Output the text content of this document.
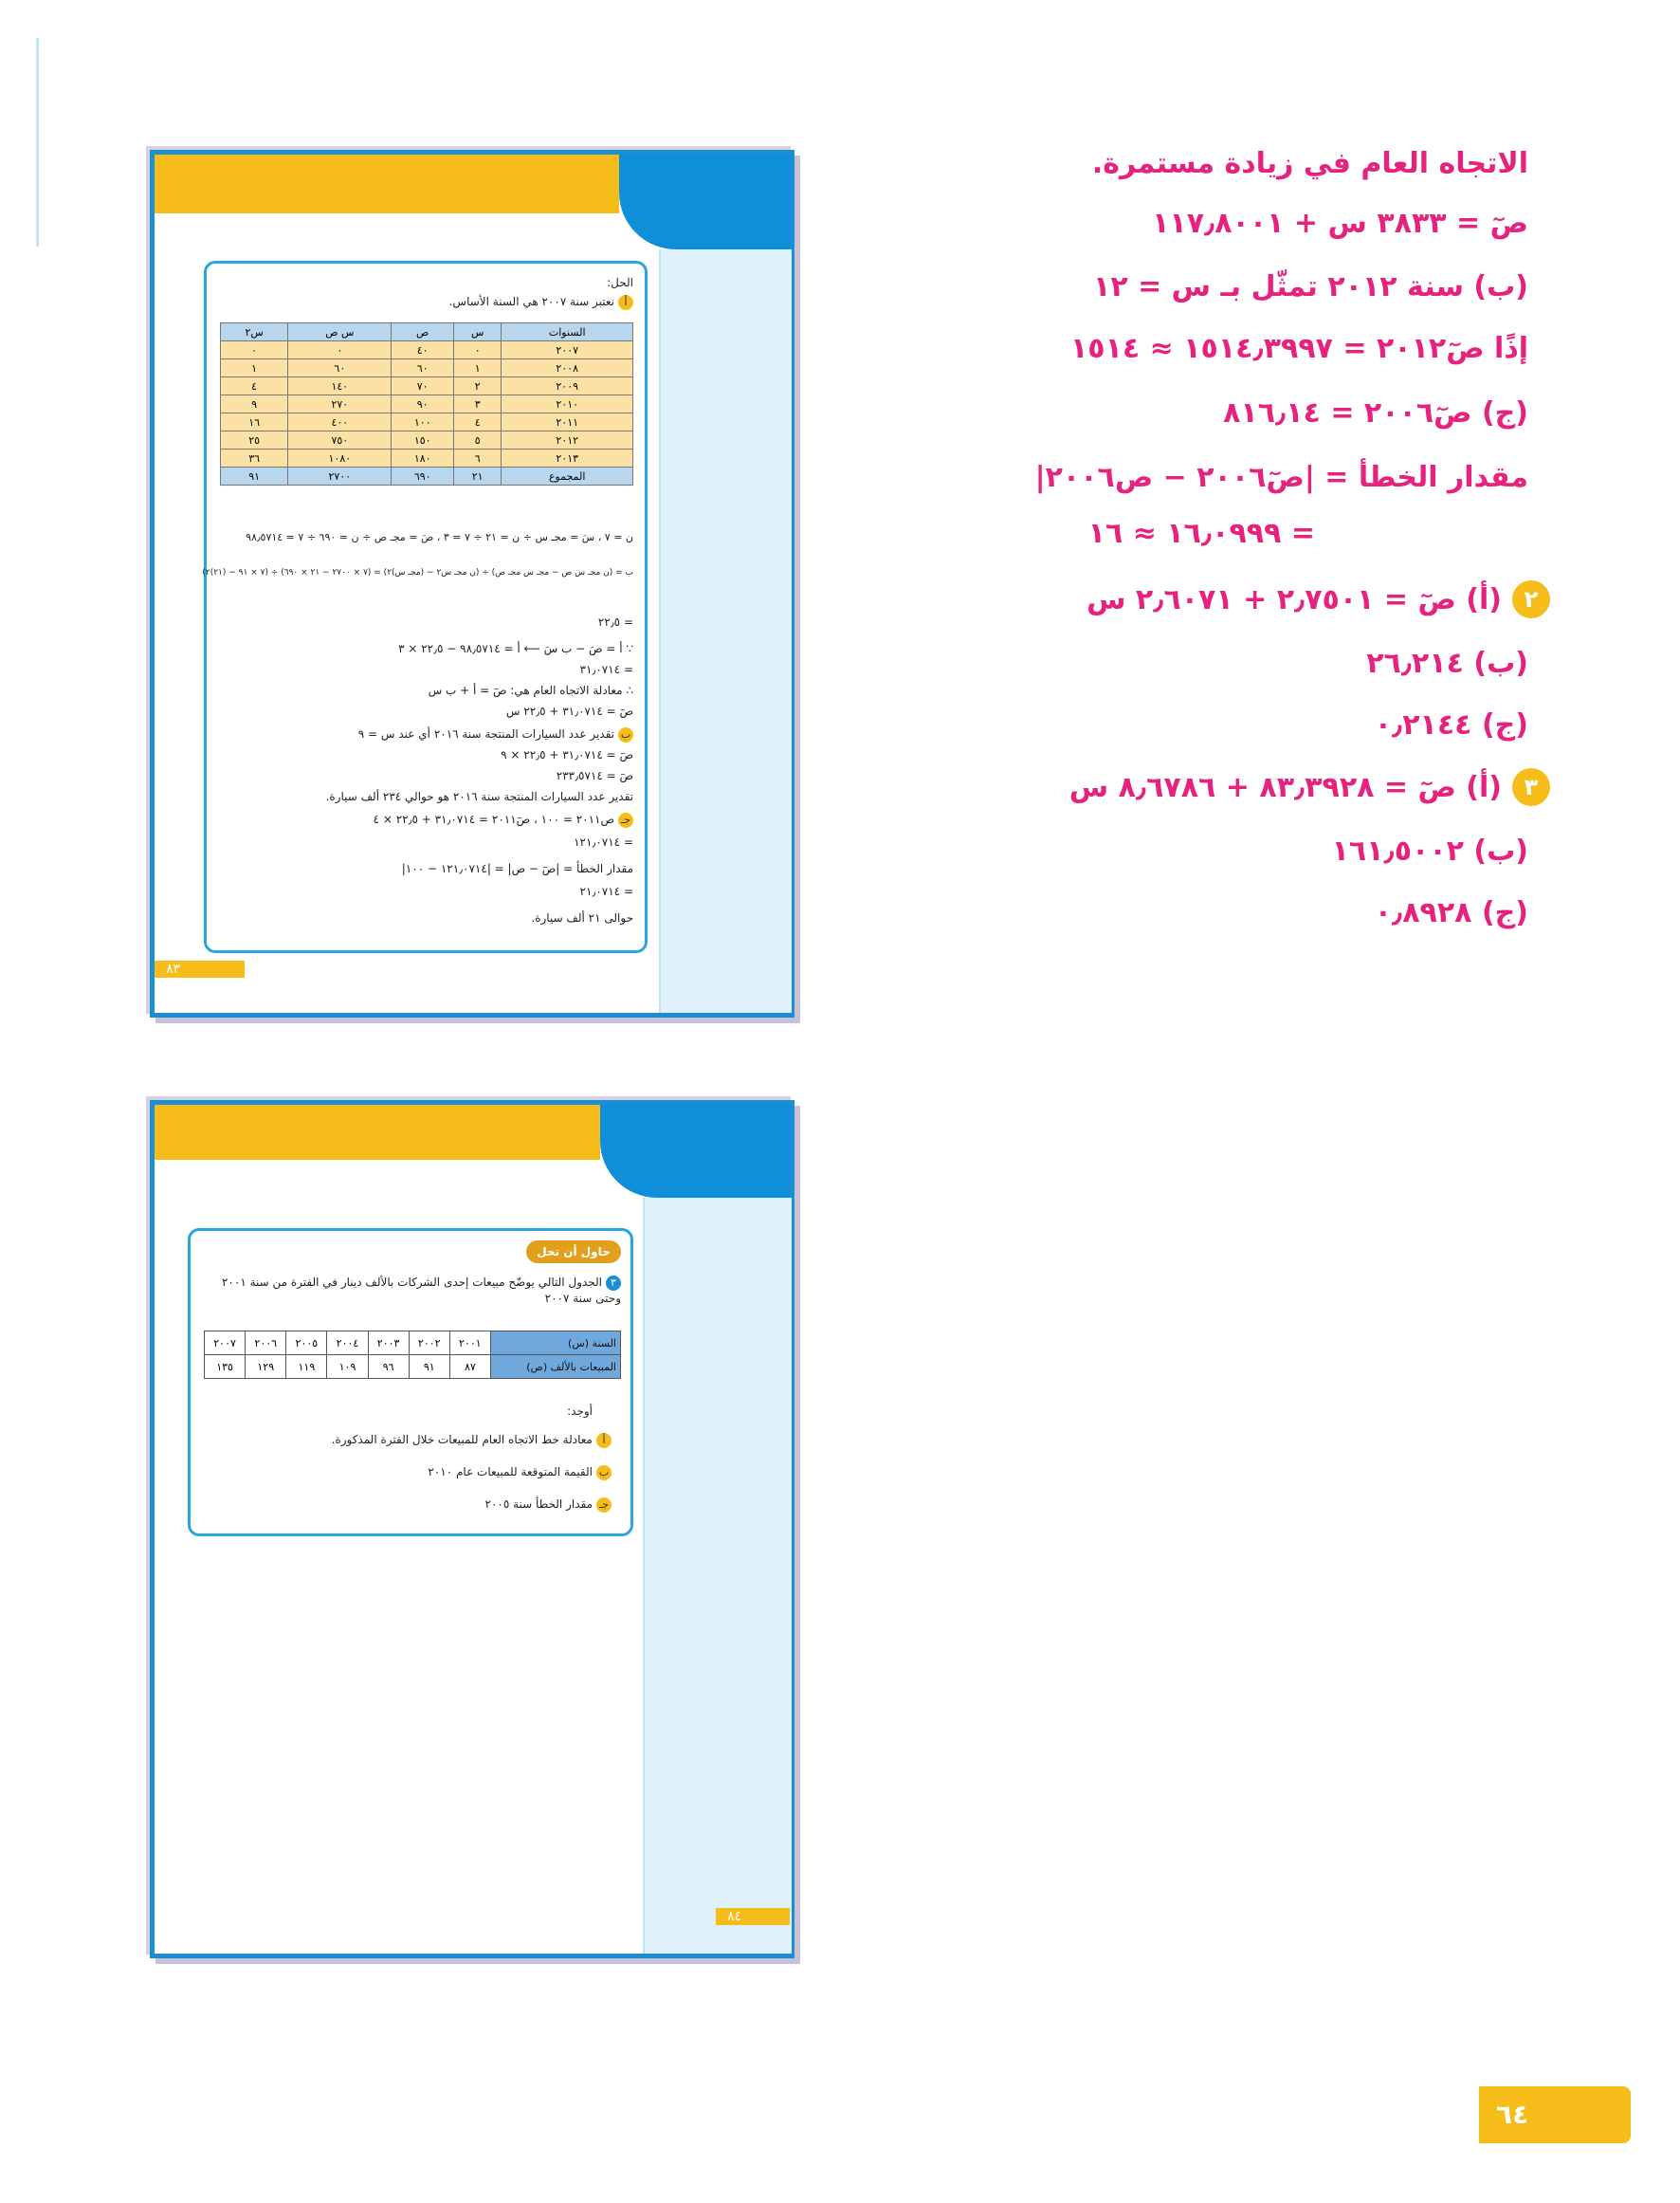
الحل:
أنعتبر سنة ٢٠٠٧ هي السنة الأساس.
السنوات	س	ص	س ص	س٢
٢٠٠٧	٠	٤٠	٠	٠
٢٠٠٨	١	٦٠	٦٠	١
٢٠٠٩	٢	٧٠	١٤٠	٤
٢٠١٠	٣	٩٠	٢٧٠	٩
٢٠١١	٤	١٠٠	٤٠٠	١٦
٢٠١٢	٥	١٥٠	٧٥٠	٢٥
٢٠١٣	٦	١٨٠	١٠٨٠	٣٦
المجموع	٢١	٦٩٠	٢٧٠٠	٩١
ن = ٧ ، سَ = مجـ س ÷ ن = ٢١ ÷ ٧ = ٣ ، صَ = مجـ ص ÷ ن = ٦٩٠ ÷ ٧ = ٩٨٫٥٧١٤
ب = (ن مجـ س ص − مجـ س مجـ ص) ÷ (ن مجـ س٢ − (مجـ س)٢) = (٧ × ٢٧٠٠ − ٢١ × ٦٩٠) ÷ (٧ × ٩١ − (٢١)٢)
= ٢٢٫٥
∵ أ = صَ − ب سَ ⟵ أ = ٩٨٫٥٧١٤ − ٢٢٫٥ × ٣
= ٣١٫٠٧١٤
∴ معادلة الاتجاه العام هي: صٓ = أ + ب س
صٓ = ٣١٫٠٧١٤ + ٢٢٫٥ س
بتقدير عدد السيارات المنتجة سنة ٢٠١٦ أي عند س = ٩
صٓ = ٣١٫٠٧١٤ + ٢٢٫٥ × ٩
صٓ = ٢٣٣٫٥٧١٤
تقدير عدد السيارات المنتجة سنة ٢٠١٦ هو حوالي ٢٣٤ ألف سيارة.
جـص٢٠١١ = ١٠٠ ، صٓ٢٠١١ = ٣١٫٠٧١٤ + ٢٢٫٥ × ٤
= ١٢١٫٠٧١٤
مقدار الخطأ = |صٓ − ص| = |١٢١٫٠٧١٤ − ١٠٠|
= ٢١٫٠٧١٤
حوالى ٢١ ألف سيارة.
٨٣
حاول أن تحل
٣الجدول التالي يوضّح مبيعات إحدى الشركات بالألف دينار في الفترة من سنة ٢٠٠١ وحتى سنة ٢٠٠٧
السنة (س)	٢٠٠١	٢٠٠٢	٢٠٠٣	٢٠٠٤	٢٠٠٥	٢٠٠٦	٢٠٠٧
المبيعات بالألف (ص)	٨٧	٩١	٩٦	١٠٩	١١٩	١٢٩	١٣٥
أوجد:
أمعادلة خط الاتجاه العام للمبيعات خلال الفترة المذكورة.
بالقيمة المتوقعة للمبيعات عام ٢٠١٠
جـمقدار الخطأ سنة ٢٠٠٥
٨٤
الاتجاه العام في زيادة مستمرة.
صٓ = ٣٨٣٣ س + ١١٧٫٨٠٠١
(ب) سنة ٢٠١٢ تمثّل بـ س = ١٢
إذًا صٓ٢٠١٢ = ١٥١٤٫٣٩٩٧ ≈ ١٥١٤
(ج) صٓ٢٠٠٦ = ٨١٦٫١٤
مقدار الخطأ = |صٓ٢٠٠٦ − ص٢٠٠٦|
= ١٦٫٠٩٩٩ ≈ ١٦
٢
(أ) صٓ = ٢٫٧٥٠١ + ٢٫٦٠٧١ س
(ب) ٢٦٫٢١٤
(ج) ٠٫٢١٤٤
٣
(أ) صٓ = ٨٣٫٣٩٢٨ + ٨٫٦٧٨٦ س
(ب) ١٦١٫٥٠٠٢
(ج) ٠٫٨٩٢٨
٦٤
